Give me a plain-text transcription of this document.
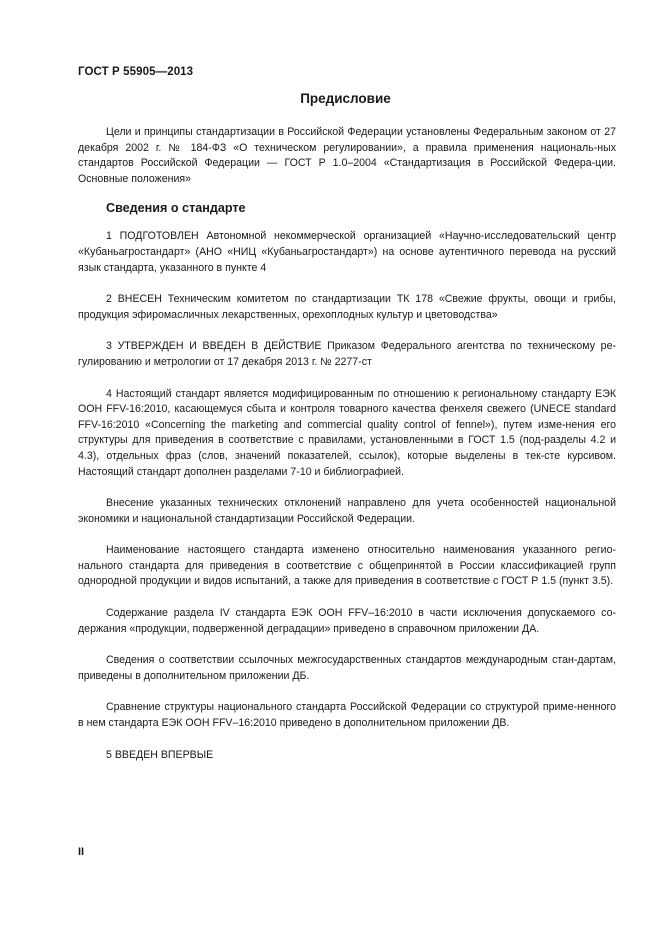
ГОСТ Р 55905—2013
Предисловие

Цели и принципы стандартизации в Российской Федерации установлены Федеральным законом от 27 декабря 2002 г. № 184-ФЗ «О техническом регулировании», а правила применения националь-ных стандартов Российской Федерации — ГОСТ Р 1.0–2004 «Стандартизация в Российской Федера-ции. Основные положения»

Сведения о стандарте

1 ПОДГОТОВЛЕН Автономной некоммерческой организацией «Научно-исследовательский центр «Кубаньагростандарт» (АНО «НИЦ «Кубаньагростандарт») на основе аутентичного перевода на русский язык стандарта, указанного в пункте 4

2 ВНЕСЕН Техническим комитетом по стандартизации ТК 178 «Свежие фрукты, овощи и грибы, продукция эфиромасличных лекарственных, орехоплодных культур и цветоводства»

3 УТВЕРЖДЕН И ВВЕДЕН В ДЕЙСТВИЕ Приказом Федерального агентства по техническому ре-гулированию и метрологии от 17 декабря 2013 г. № 2277-ст

4 Настоящий стандарт является модифицированным по отношению к региональному стандарту ЕЭК ООН FFV-16:2010, касающемуся сбыта и контроля товарного качества фенхеля свежего (UNECE standard FFV-16:2010 «Concerning the marketing and commercial quality control of fennel»), путем изме-нения его структуры для приведения в соответствие с правилами, установленными в ГОСТ 1.5 (под-разделы 4.2 и 4.3), отдельных фраз (слов, значений показателей, ссылок), которые выделены в тек-сте курсивом. Настоящий стандарт дополнен разделами 7-10 и библиографией.

Внесение указанных технических отклонений направлено для учета особенностей национальной экономики и национальной стандартизации Российской Федерации.

Наименование настоящего стандарта изменено относительно наименования указанного регио-нального стандарта для приведения в соответствие с общепринятой в России классификацией групп однородной продукции и видов испытаний, а также для приведения в соответствие с ГОСТ Р 1.5 (пункт 3.5).

Содержание раздела IV стандарта ЕЭК ООН FFV–16:2010 в части исключения допускаемого со-держания «продукции, подверженной деградации» приведено в справочном приложении ДА.

Сведения о соответствии ссылочных межгосударственных стандартов международным стан-дартам, приведены в дополнительном приложении ДБ.

Сравнение структуры национального стандарта Российской Федерации со структурой приме-ненного в нем стандарта ЕЭК ООН FFV–16:2010 приведено в дополнительном приложении ДВ.

5 ВВЕДЕН ВПЕРВЫЕ

II
